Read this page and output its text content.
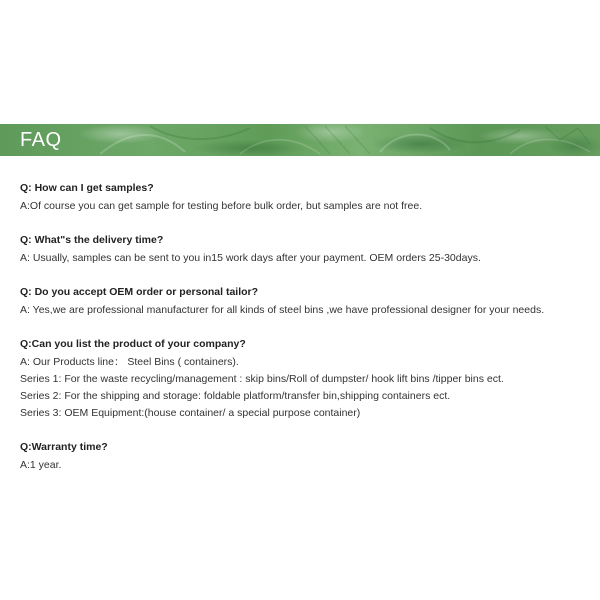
FAQ
Q: How can I get samples?
A:Of course you can get sample for testing before bulk order, but samples are not free.
Q: What"s the delivery time?
A: Usually, samples can be sent to you in15 work days after your payment. OEM orders 25-30days.
Q: Do you accept OEM order or personal tailor?
A: Yes,we are professional manufacturer for all kinds of steel bins ,we have professional designer for your needs.
Q:Can you list the product of your company?
A: Our Products line： Steel Bins ( containers).
Series 1: For the waste recycling/management : skip bins/Roll of dumpster/ hook lift bins /tipper bins ect.
Series 2: For the shipping and storage: foldable platform/transfer bin,shipping containers ect.
Series 3: OEM Equipment:(house container/ a special purpose container)
Q:Warranty time?
A:1 year.
